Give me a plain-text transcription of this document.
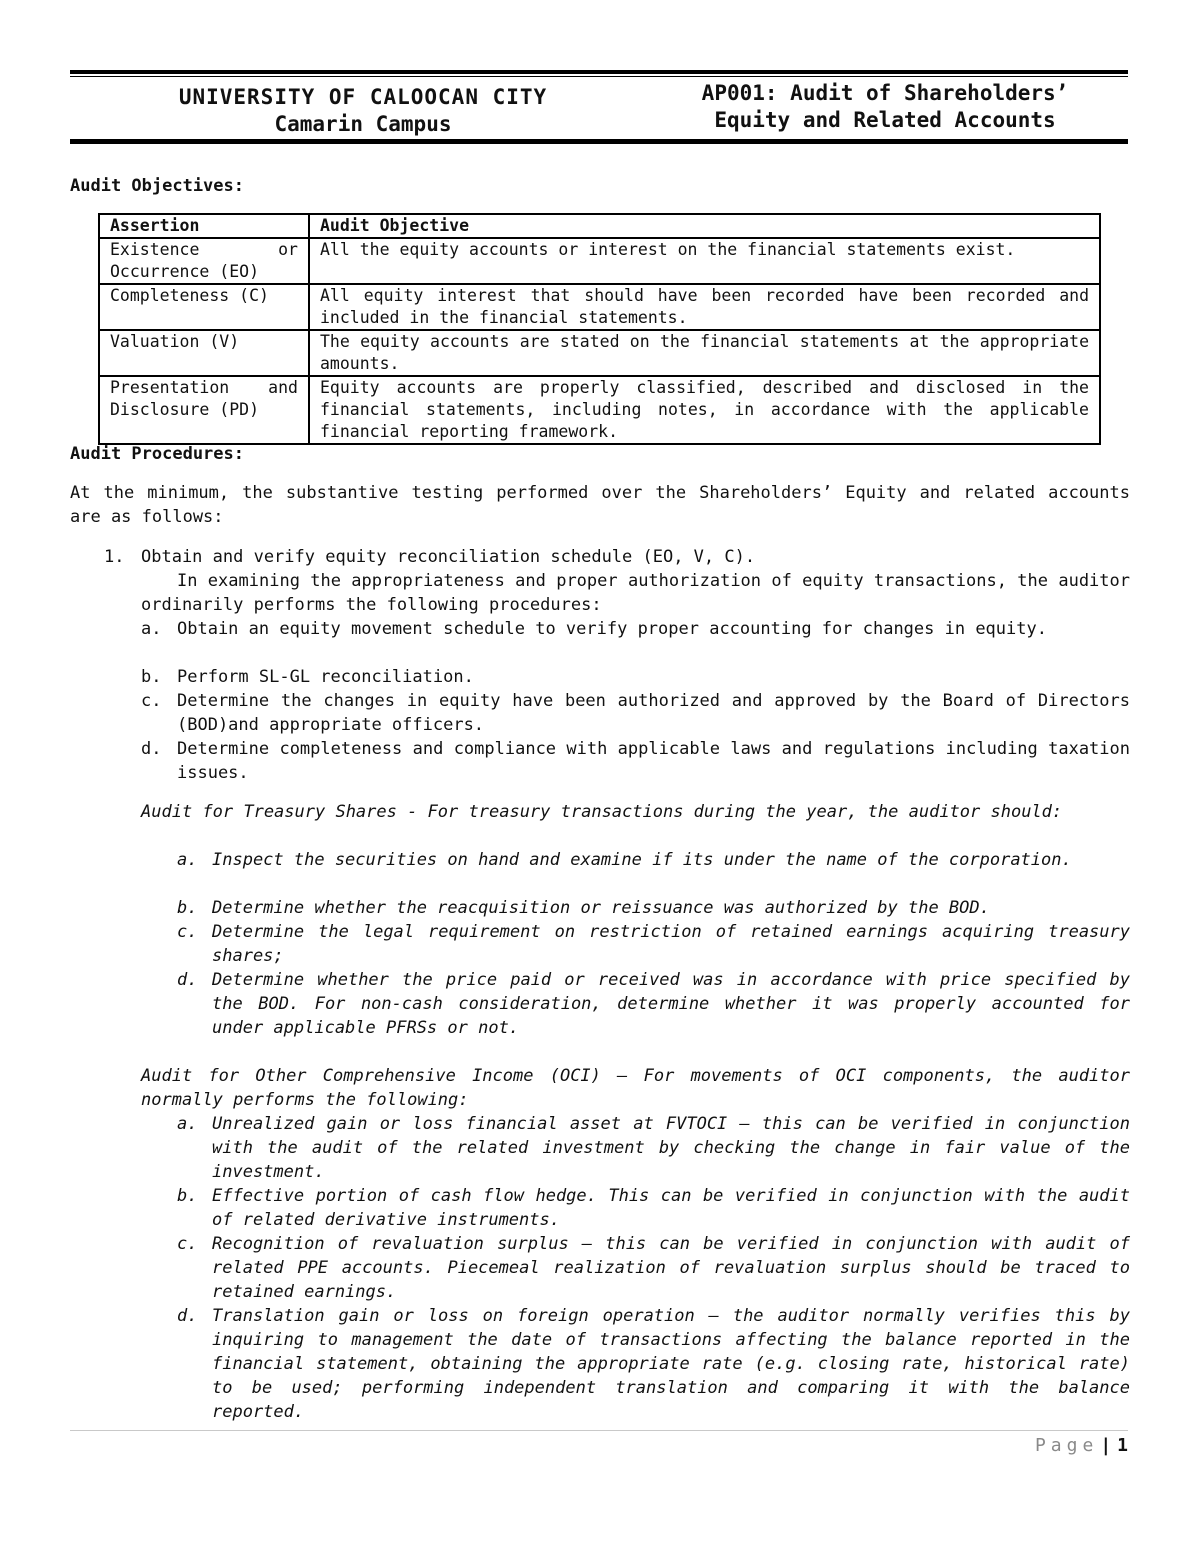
UNIVERSITY OF CALOOCAN CITY
Camarin Campus
AP001: Audit of Shareholders’
Equity and Related Accounts
Audit Objectives:
Assertion	Audit Objective
Existence or Occurrence (EO)	All the equity accounts or interest on the financial statements exist.
Completeness (C)	All equity interest that should have been recorded have been recorded and included in the financial statements.
Valuation (V)	The equity accounts are stated on the financial statements at the appropriate amounts.
Presentation and Disclosure (PD)	Equity accounts are properly classified, described and disclosed in the financial statements, including notes, in accordance with the applicable financial reporting framework.
Audit Procedures:
At the minimum, the substantive testing performed over the Shareholders’ Equity and related accounts are as follows:
1. Obtain and verify equity reconciliation schedule (EO, V, C).
In examining the appropriateness and proper authorization of equity transactions, the auditor ordinarily performs the following procedures:
a. Obtain an equity movement schedule to verify proper accounting for changes in equity.
b. Perform SL-GL reconciliation.
c. Determine the changes in equity have been authorized and approved by the Board of Directors (BOD)and appropriate officers.
d. Determine completeness and compliance with applicable laws and regulations including taxation issues.
Audit for Treasury Shares - For treasury transactions during the year, the auditor should:
a. Inspect the securities on hand and examine if its under the name of the corporation.
b. Determine whether the reacquisition or reissuance was authorized by the BOD.
c. Determine the legal requirement on restriction of retained earnings acquiring treasury shares;
d. Determine whether the price paid or received was in accordance with price specified by the BOD. For non-cash consideration, determine whether it was properly accounted for under applicable PFRSs or not.
Audit for Other Comprehensive Income (OCI) – For movements of OCI components, the auditor normally performs the following:
a. Unrealized gain or loss financial asset at FVTOCI – this can be verified in conjunction with the audit of the related investment by checking the change in fair value of the investment.
b. Effective portion of cash flow hedge. This can be verified in conjunction with the audit of related derivative instruments.
c. Recognition of revaluation surplus – this can be verified in conjunction with audit of related PPE accounts. Piecemeal realization of revaluation surplus should be traced to retained earnings.
d. Translation gain or loss on foreign operation – the auditor normally verifies this by inquiring to management the date of transactions affecting the balance reported in the financial statement, obtaining the appropriate rate (e.g. closing rate, historical rate) to be used; performing independent translation and comparing it with the balance reported.
Page | 1
